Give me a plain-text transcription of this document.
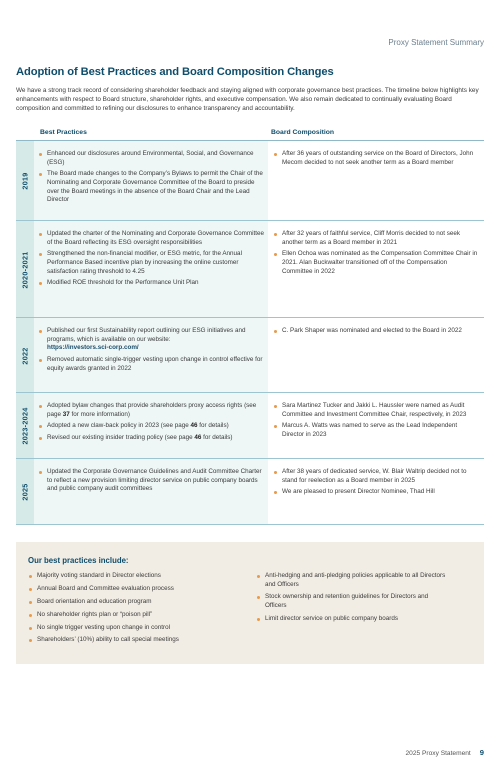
Proxy Statement Summary
Adoption of Best Practices and Board Composition Changes
We have a strong track record of considering shareholder feedback and staying aligned with corporate governance best practices. The timeline below highlights key enhancements with respect to Board structure, shareholder rights, and executive compensation. We also remain dedicated to continually evaluating Board composition and committed to refining our disclosures to enhance transparency and accountability.
Best Practices	Board Composition
2019
Enhanced our disclosures around Environmental, Social, and Governance (ESG)
The Board made changes to the Company’s Bylaws to permit the Chair of the Nominating and Corporate Governance Committee of the Board to preside over the Board meetings in the absence of the Board Chair and the Lead Director
After 36 years of outstanding service on the Board of Directors, John Mecom decided to not seek another term as a Board member
2020-2021
Updated the charter of the Nominating and Corporate Governance Committee of the Board reflecting its ESG oversight responsibilities
Strengthened the non-financial modifier, or ESG metric, for the Annual Performance Based incentive plan by increasing the online customer satisfaction rating threshold to 4.25
Modified ROE threshold for the Performance Unit Plan
After 32 years of faithful service, Cliff Morris decided to not seek another term as a Board member in 2021
Ellen Ochoa was nominated as the Compensation Committee Chair in 2021. Alan Buckwalter transitioned off of the Compensation Committee in 2022
2022
Published our first Sustainability report outlining our ESG initiatives and programs, which is available on our website:
https://investors.sci-corp.com/
Removed automatic single-trigger vesting upon change in control effective for equity awards granted in 2022
C. Park Shaper was nominated and elected to the Board in 2022
2023-2024
Adopted bylaw changes that provide shareholders proxy access rights (see page 37 for more information)
Adopted a new claw-back policy in 2023 (see page 46 for details)
Revised our existing insider trading policy (see page 46 for details)
Sara Martinez Tucker and Jakki L. Haussler were named as Audit Committee and Investment Committee Chair, respectively, in 2023
Marcus A. Watts was named to serve as the Lead Independent Director in 2023
2025
Updated the Corporate Governance Guidelines and Audit Committee Charter to reflect a new provision limiting director service on public company boards and public company audit committees
After 38 years of dedicated service, W. Blair Waltrip decided not to stand for reelection as a Board member in 2025
We are pleased to present Director Nominee, Thad Hill
Our best practices include:
Majority voting standard in Director elections
Annual Board and Committee evaluation process
Board orientation and education program
No shareholder rights plan or “poison pill”
No single trigger vesting upon change in control
Shareholders’ (10%) ability to call special meetings
Anti-hedging and anti-pledging policies applicable to all Directors and Officers
Stock ownership and retention guidelines for Directors and Officers
Limit director service on public company boards
2025 Proxy Statement 9
